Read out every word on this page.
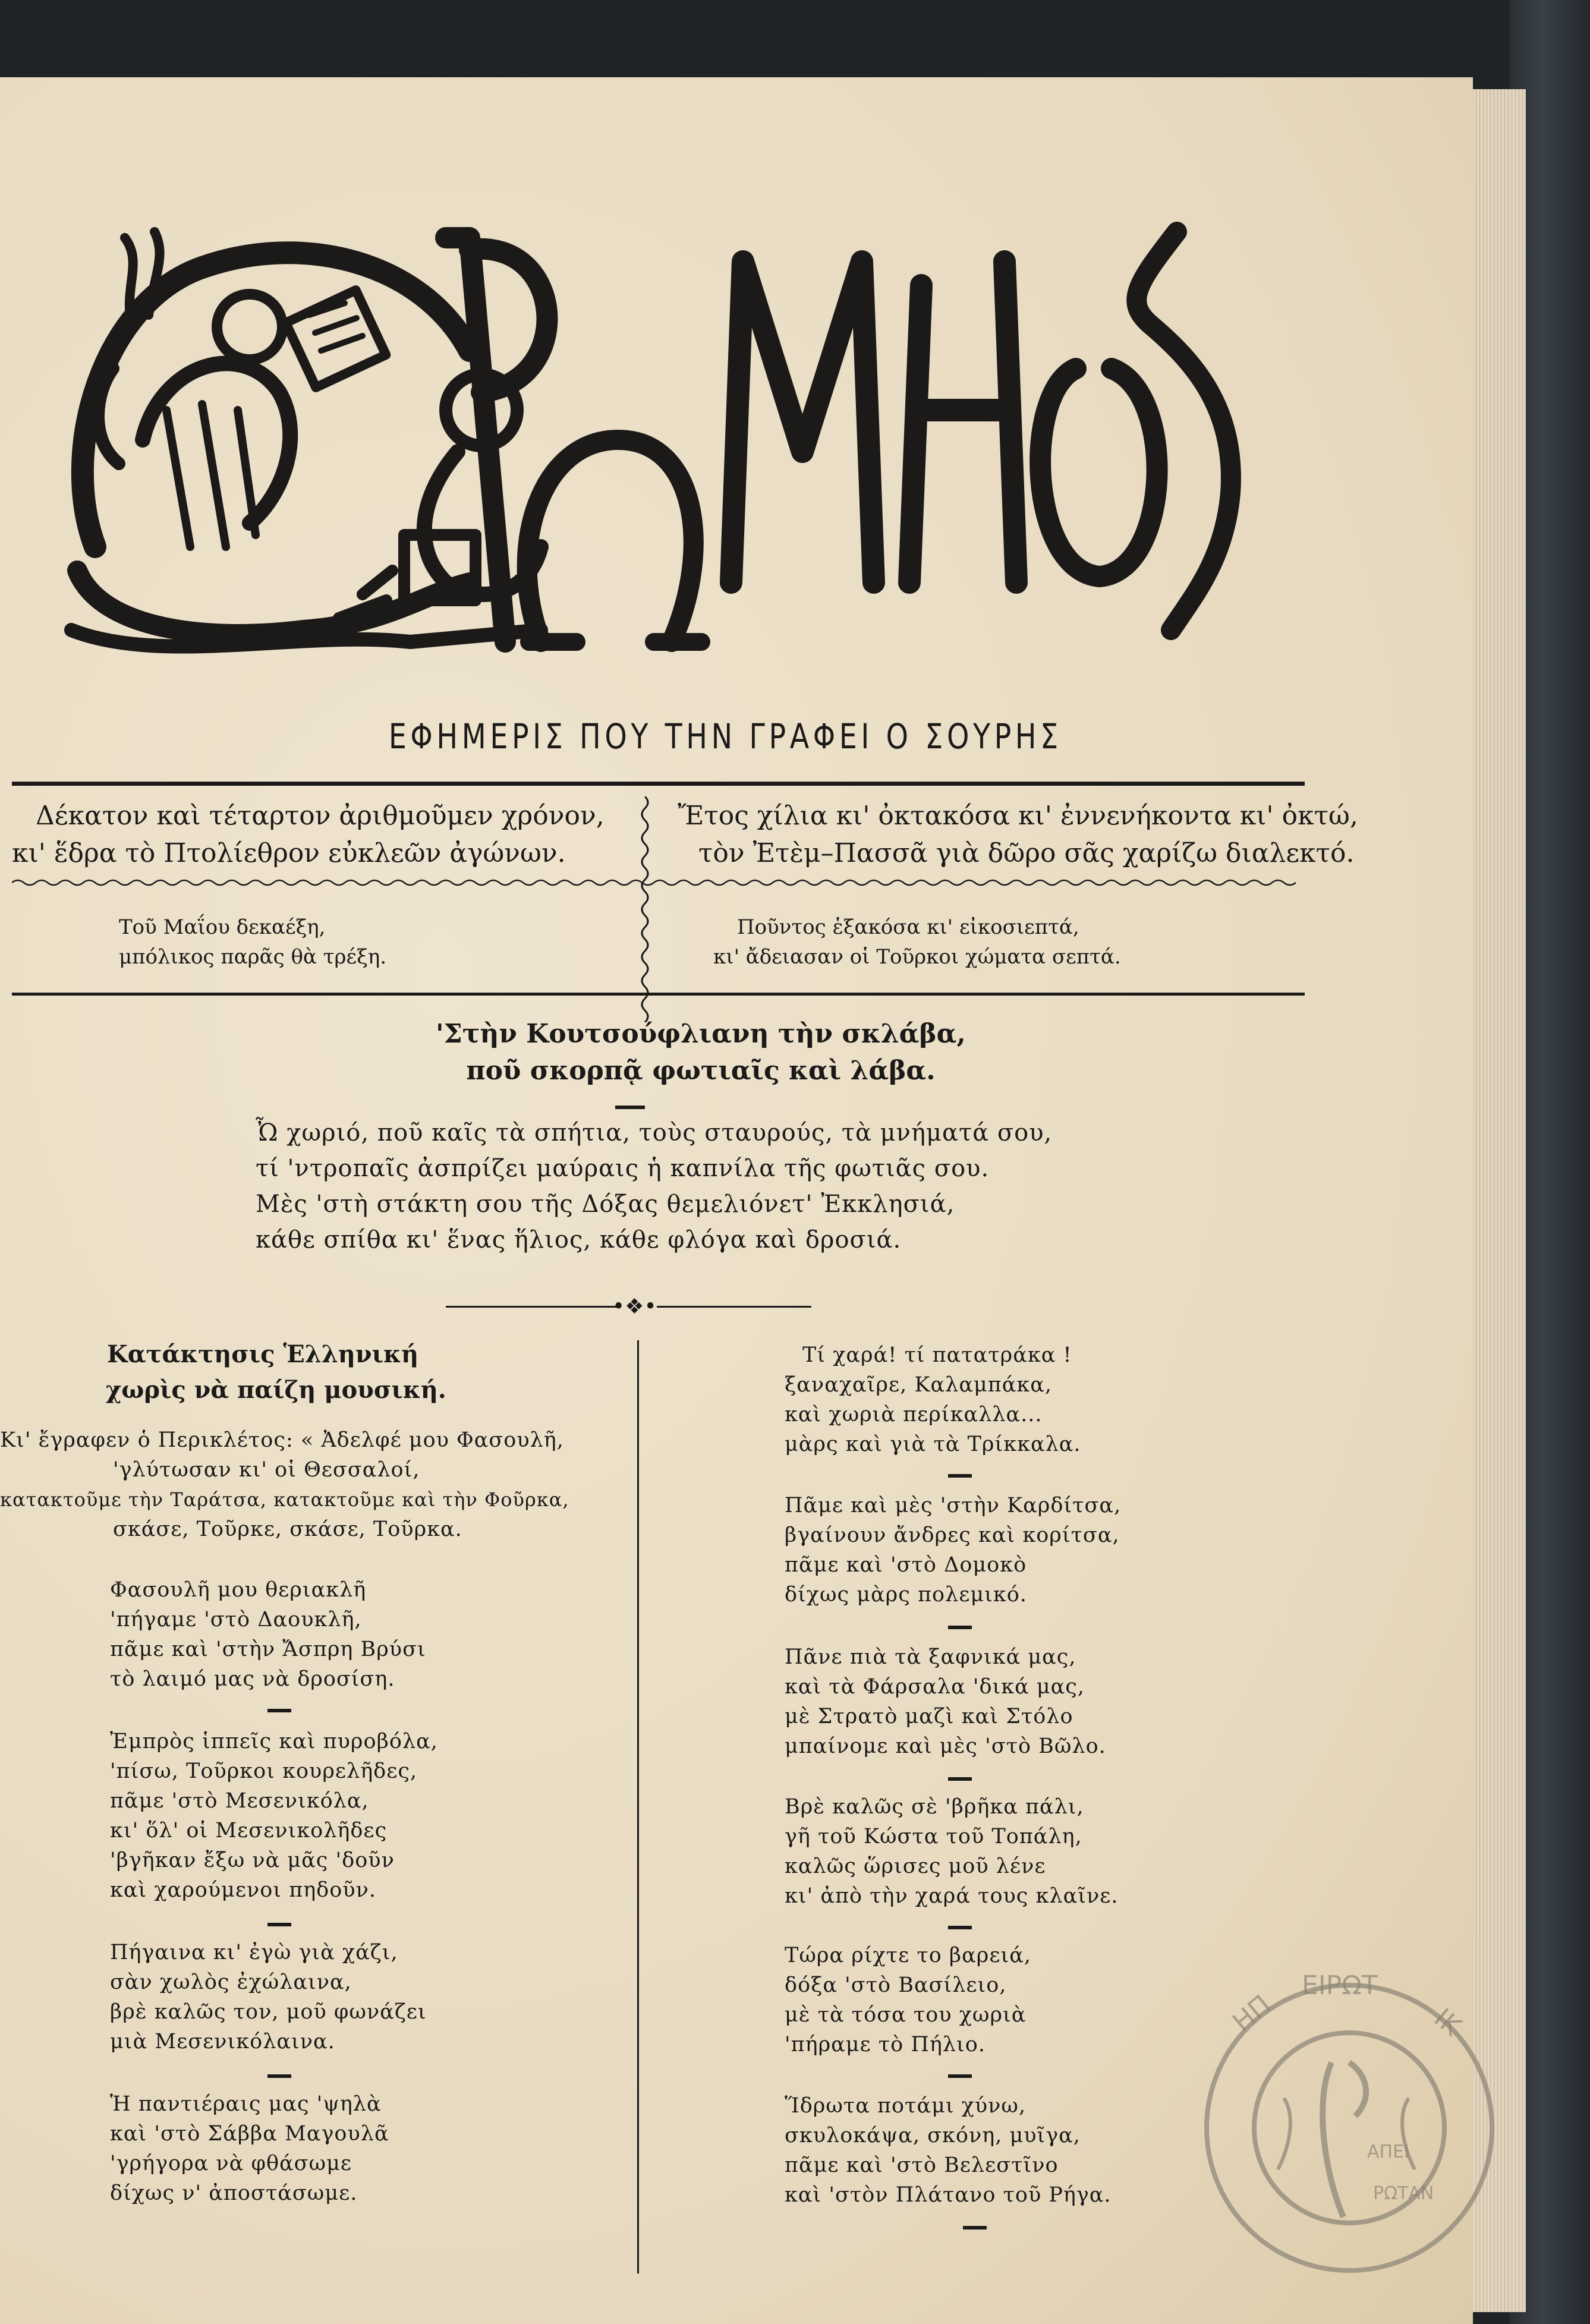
ΕΦΗΜΕΡΙΣ ΠΟΥ ΤΗΝ ΓΡΑΦΕΙ Ο ΣΟΥΡΗΣ
Δέκατον καὶ τέταρτον ἀριθμοῦμεν χρόνον,
κι' ἕδρα τὸ Πτολίεθρον εὐκλεῶν ἀγώνων.
Ἔτος χίλια κι' ὀκτακόσα κι' ἐννενήκοντα κι' ὀκτώ,
τὸν Ἐτὲμ–Πασσᾶ γιὰ δῶρο σᾶς χαρίζω διαλεκτό.
Τοῦ Μαΐου δεκαέξη,
μπόλικος παρᾶς θὰ τρέξη.
Ποῦντος ἑξακόσα κι' εἰκοσιεπτά,
κι' ἄδειασαν οἱ Τοῦρκοι χώματα σεπτά.
'Στὴν Κουτσούφλιανη τὴν σκλάβα,
ποῦ σκορπᾷ φωτιαῖς καὶ λάβα.
Ὦ χωριό, ποῦ καῖς τὰ σπήτια, τοὺς σταυρούς, τὰ μνήματά σου,
τί 'ντροπαῖς ἀσπρίζει μαύραις ἡ καπνίλα τῆς φωτιᾶς σου.
Μὲς 'στὴ στάκτη σου τῆς Δόξας θεμελιόνετ' Ἐκκλησιά,
κάθε σπίθα κι' ἕνας ἥλιος, κάθε φλόγα καὶ δροσιά.
•❖•
Κατάκτησις Ἑλληνική
χωρὶς νὰ παίζη μουσική.
Κι' ἔγραφεν ὁ Περικλέτος: « Ἀδελφέ μου Φασουλῆ,
'γλύτωσαν κι' οἱ Θεσσαλοί,
κατακτοῦμε τὴν Ταράτσα, κατακτοῦμε καὶ τὴν Φοῦρκα,
σκάσε, Τοῦρκε, σκάσε, Τοῦρκα.
Φασουλῆ μου θεριακλῆ
'πήγαμε 'στὸ Δαουκλῆ,
πᾶμε καὶ 'στὴν Ἄσπρη Βρύσι
τὸ λαιμό μας νὰ δροσίση.
Ἐμπρὸς ἱππεῖς καὶ πυροβόλα,
'πίσω, Τοῦρκοι κουρελῆδες,
πᾶμε 'στὸ Μεσενικόλα,
κι' ὅλ' οἱ Μεσενικολῆδες
'βγῆκαν ἔξω νὰ μᾶς 'δοῦν
καὶ χαρούμενοι πηδοῦν.
Πήγαινα κι' ἐγὼ γιὰ χάζι,
σὰν χωλὸς ἐχώλαινα,
βρὲ καλῶς τον, μοῦ φωνάζει
μιὰ Μεσενικόλαινα.
Ἡ παντιέραις μας 'ψηλὰ
καὶ 'στὸ Σάββα Μαγουλᾶ
'γρήγορα νὰ φθάσωμε
δίχως ν' ἀποστάσωμε.
Τί χαρά! τί πατατράκα !
ξαναχαῖρε, Καλαμπάκα,
καὶ χωριὰ περίκαλλα...
μὰρς καὶ γιὰ τὰ Τρίκκαλα.
Πᾶμε καὶ μὲς 'στὴν Καρδίτσα,
βγαίνουν ἄνδρες καὶ κορίτσα,
πᾶμε καὶ 'στὸ Δομοκὸ
δίχως μὰρς πολεμικό.
Πᾶνε πιὰ τὰ ξαφνικά μας,
καὶ τὰ Φάρσαλα 'δικά μας,
μὲ Στρατὸ μαζὶ καὶ Στόλο
μπαίνομε καὶ μὲς 'στὸ Βῶλο.
Βρὲ καλῶς σὲ 'βρῆκα πάλι,
γῆ τοῦ Κώστα τοῦ Τοπάλη,
καλῶς ὥρισες μοῦ λένε
κι' ἀπὸ τὴν χαρά τους κλαῖνε.
Τώρα ρίχτε το βαρειά,
δόξα 'στὸ Βασίλειο,
μὲ τὰ τόσα του χωριὰ
'πήραμε τὸ Πήλιο.
Ἵδρωτα ποτάμι χύνω,
σκυλοκάψα, σκόνη, μυῖγα,
πᾶμε καὶ 'στὸ Βελεστῖνο
καὶ 'στὸν Πλάτανο τοῦ Ρήγα.
ΗΠ
ΕΙΡΩΤ
ΙΚ
ΑΠΕΙ
ΡΩΤΑΝ
